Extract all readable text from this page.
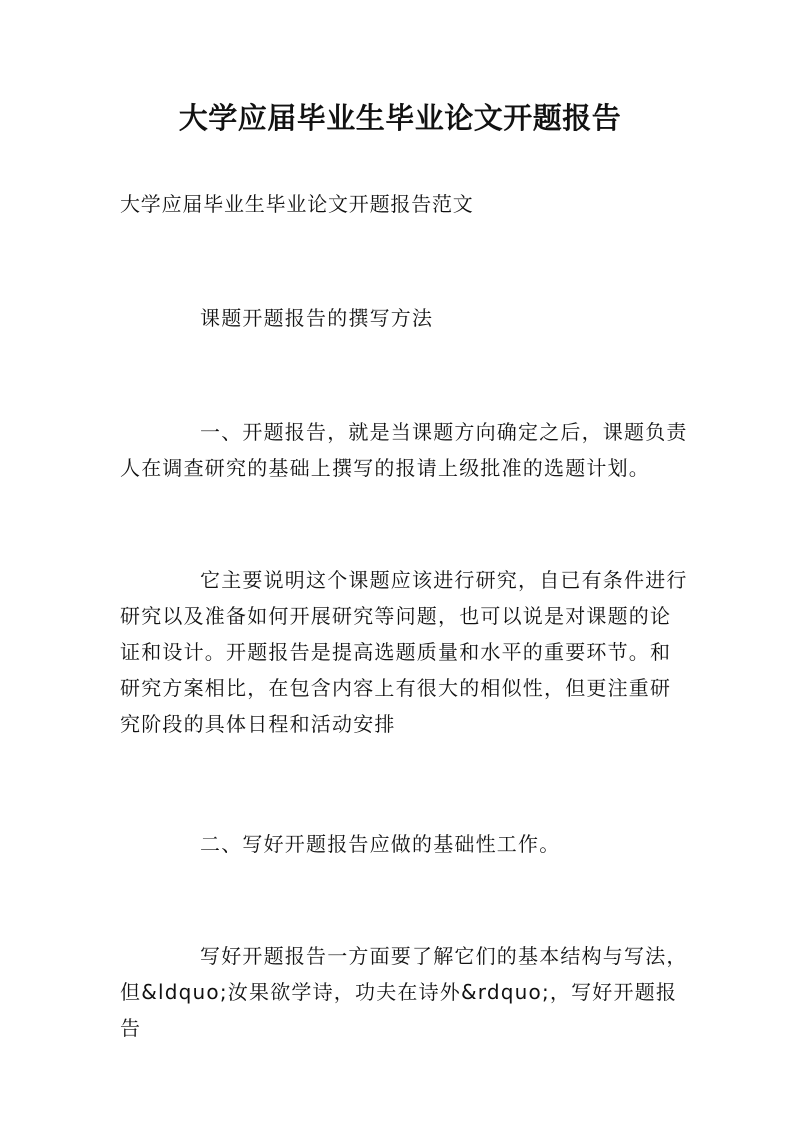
大学应届毕业生毕业论文开题报告

大学应届毕业生毕业论文开题报告范文

课题开题报告的撰写方法

一、开题报告，就是当课题方向确定之后，课题负责人在调查研究的基础上撰写的报请上级批准的选题计划。

它主要说明这个课题应该进行研究，自已有条件进行研究以及准备如何开展研究等问题，也可以说是对课题的论证和设计。开题报告是提高选题质量和水平的重要环节。和研究方案相比，在包含内容上有很大的相似性，但更注重研究阶段的具体日程和活动安排

二、写好开题报告应做的基础性工作。

写好开题报告一方面要了解它们的基本结构与写法，但&ldquo;汝果欲学诗，功夫在诗外&rdquo;，写好开题报告
